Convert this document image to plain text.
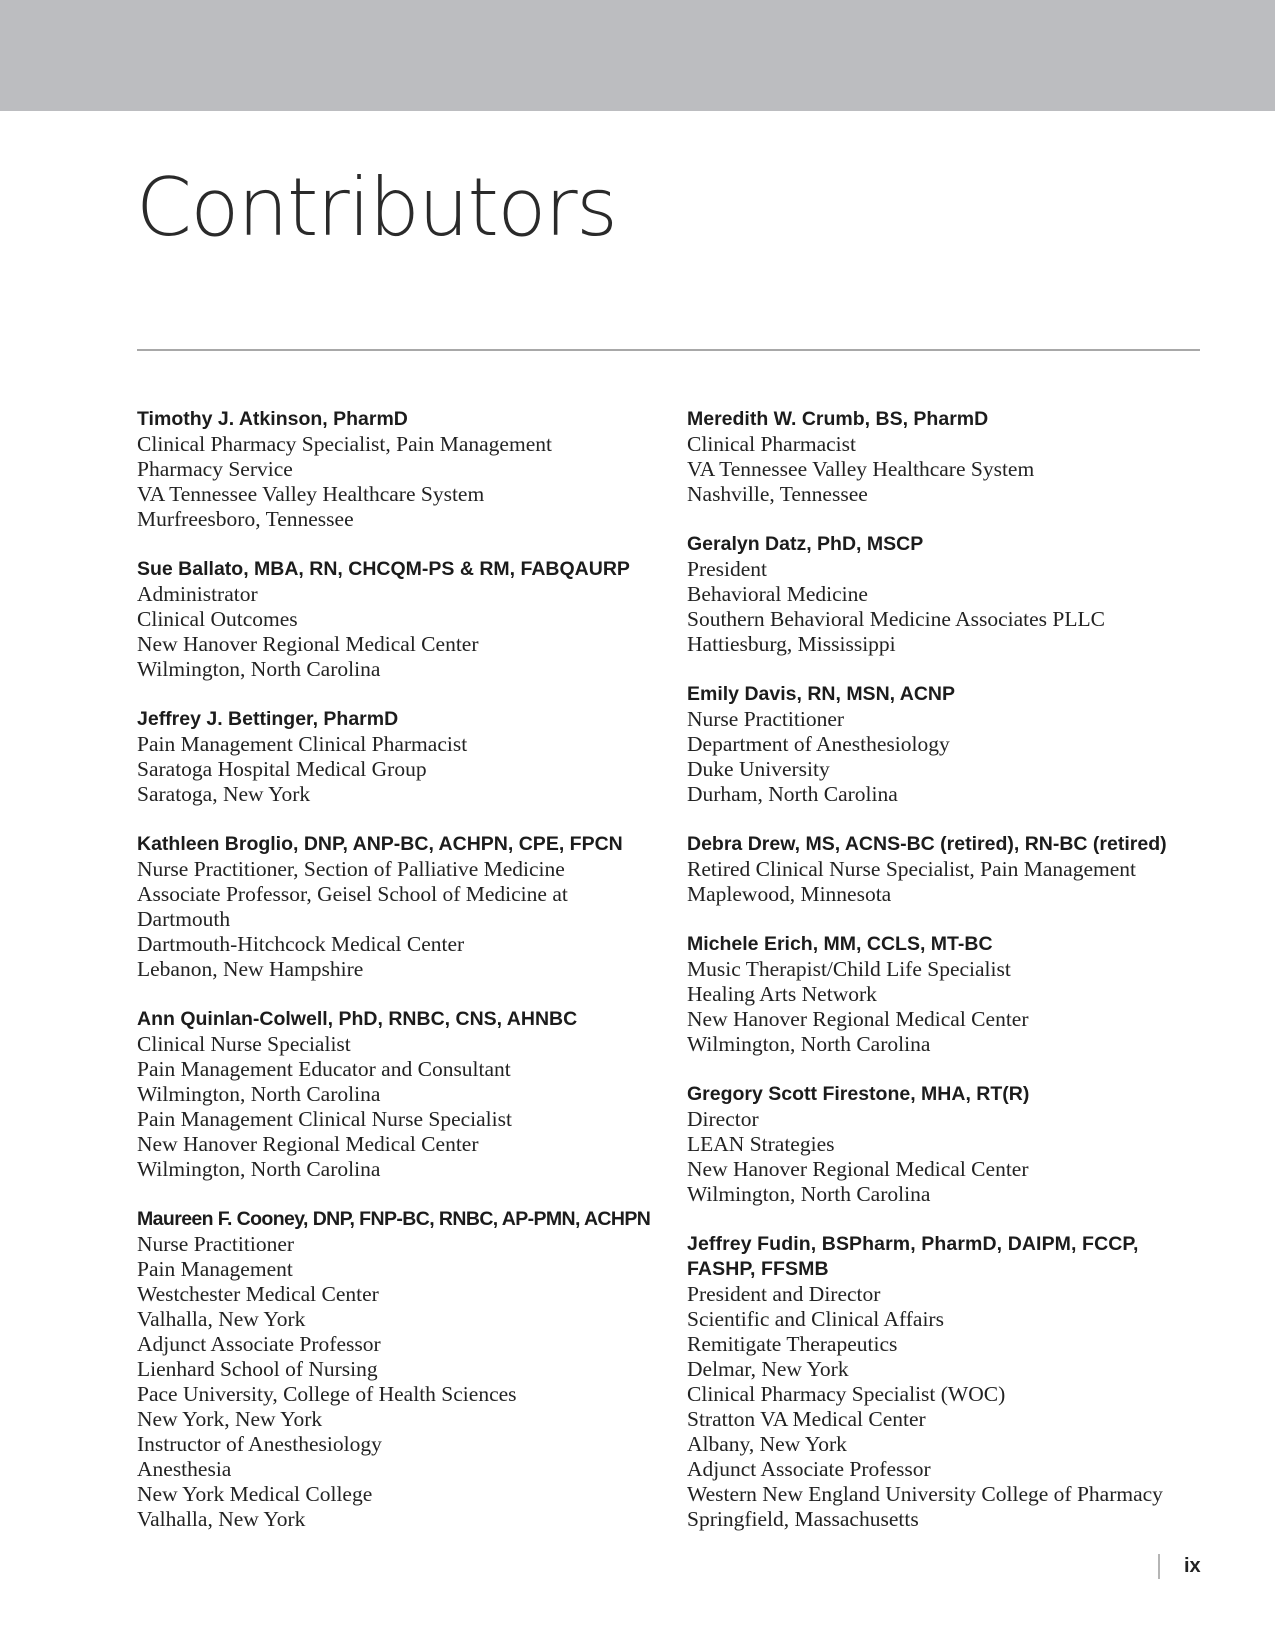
Contributors
Timothy J. Atkinson, PharmD
Clinical Pharmacy Specialist, Pain Management
Pharmacy Service
VA Tennessee Valley Healthcare System
Murfreesboro, Tennessee
Sue Ballato, MBA, RN, CHCQM-PS & RM, FABQAURP
Administrator
Clinical Outcomes
New Hanover Regional Medical Center
Wilmington, North Carolina
Jeffrey J. Bettinger, PharmD
Pain Management Clinical Pharmacist
Saratoga Hospital Medical Group
Saratoga, New York
Kathleen Broglio, DNP, ANP-BC, ACHPN, CPE, FPCN
Nurse Practitioner, Section of Palliative Medicine
Associate Professor, Geisel School of Medicine at
Dartmouth
Dartmouth-Hitchcock Medical Center
Lebanon, New Hampshire
Ann Quinlan-Colwell, PhD, RNBC, CNS, AHNBC
Clinical Nurse Specialist
Pain Management Educator and Consultant
Wilmington, North Carolina
Pain Management Clinical Nurse Specialist
New Hanover Regional Medical Center
Wilmington, North Carolina
Maureen F. Cooney, DNP, FNP-BC, RNBC, AP-PMN, ACHPN
Nurse Practitioner
Pain Management
Westchester Medical Center
Valhalla, New York
Adjunct Associate Professor
Lienhard School of Nursing
Pace University, College of Health Sciences
New York, New York
Instructor of Anesthesiology
Anesthesia
New York Medical College
Valhalla, New York
Meredith W. Crumb, BS, PharmD
Clinical Pharmacist
VA Tennessee Valley Healthcare System
Nashville, Tennessee
Geralyn Datz, PhD, MSCP
President
Behavioral Medicine
Southern Behavioral Medicine Associates PLLC
Hattiesburg, Mississippi
Emily Davis, RN, MSN, ACNP
Nurse Practitioner
Department of Anesthesiology
Duke University
Durham, North Carolina
Debra Drew, MS, ACNS-BC (retired), RN-BC (retired)
Retired Clinical Nurse Specialist, Pain Management
Maplewood, Minnesota
Michele Erich, MM, CCLS, MT-BC
Music Therapist/Child Life Specialist
Healing Arts Network
New Hanover Regional Medical Center
Wilmington, North Carolina
Gregory Scott Firestone, MHA, RT(R)
Director
LEAN Strategies
New Hanover Regional Medical Center
Wilmington, North Carolina
Jeffrey Fudin, BSPharm, PharmD, DAIPM, FCCP, FASHP, FFSMB
President and Director
Scientific and Clinical Affairs
Remitigate Therapeutics
Delmar, New York
Clinical Pharmacy Specialist (WOC)
Stratton VA Medical Center
Albany, New York
Adjunct Associate Professor
Western New England University College of Pharmacy
Springfield, Massachusetts
ix
